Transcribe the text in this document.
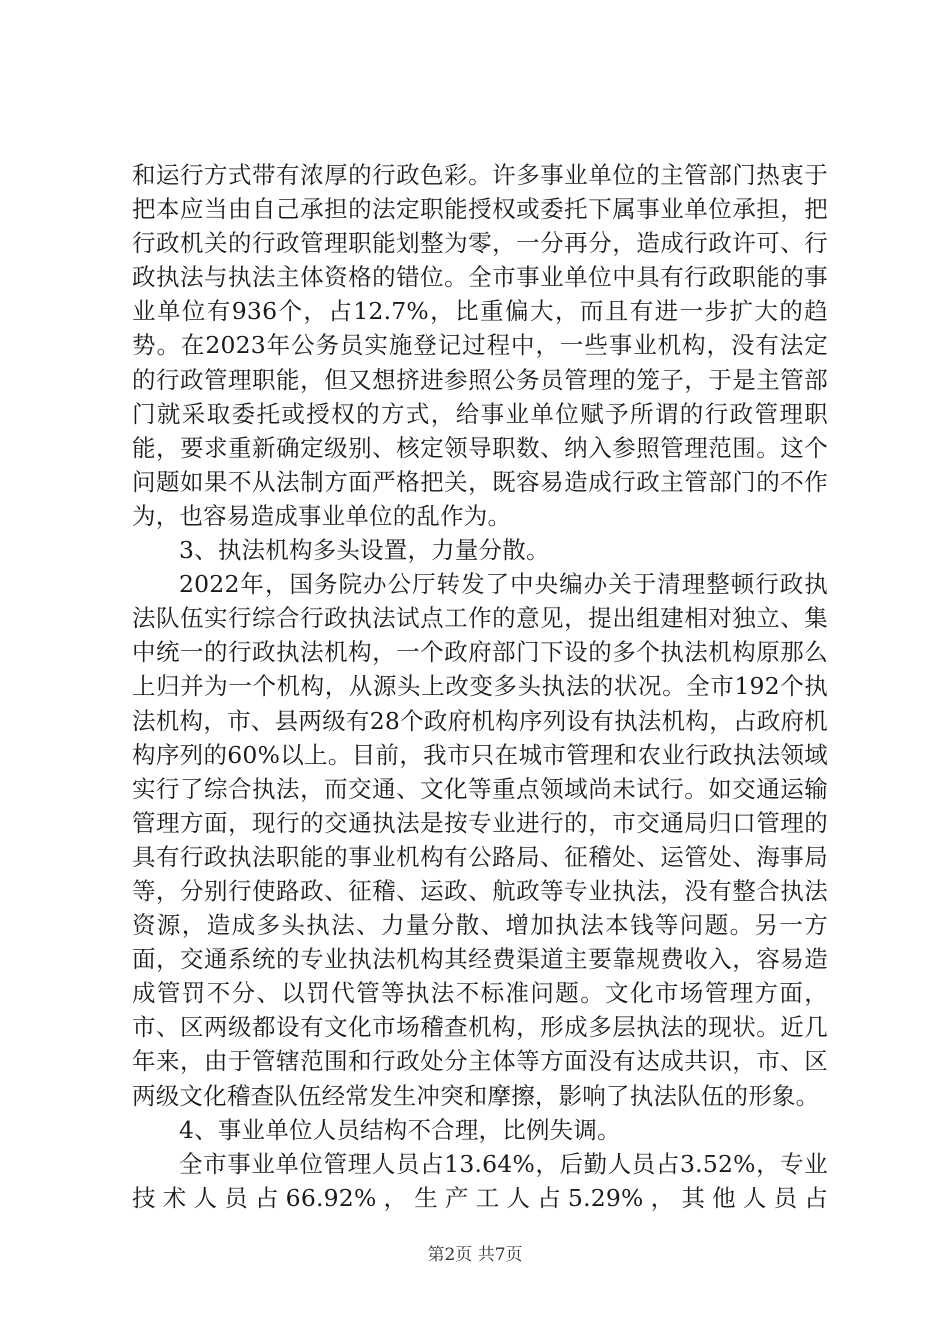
和运行方式带有浓厚的行政色彩。许多事业单位的主管部门热衷于把本应当由自己承担的法定职能授权或委托下属事业单位承担，把行政机关的行政管理职能划整为零，一分再分，造成行政许可、行政执法与执法主体资格的错位。全市事业单位中具有行政职能的事业单位有936个，占12.7%，比重偏大，而且有进一步扩大的趋势。在2023年公务员实施登记过程中，一些事业机构，没有法定的行政管理职能，但又想挤进参照公务员管理的笼子，于是主管部门就采取委托或授权的方式，给事业单位赋予所谓的行政管理职能，要求重新确定级别、核定领导职数、纳入参照管理范围。这个问题如果不从法制方面严格把关，既容易造成行政主管部门的不作为，也容易造成事业单位的乱作为。

3、执法机构多头设置，力量分散。

2022年，国务院办公厅转发了中央编办关于清理整顿行政执法队伍实行综合行政执法试点工作的意见，提出组建相对独立、集中统一的行政执法机构，一个政府部门下设的多个执法机构原那么上归并为一个机构，从源头上改变多头执法的状况。全市192个执法机构，市、县两级有28个政府机构序列设有执法机构，占政府机构序列的60%以上。目前，我市只在城市管理和农业行政执法领域实行了综合执法，而交通、文化等重点领域尚未试行。如交通运输管理方面，现行的交通执法是按专业进行的，市交通局归口管理的具有行政执法职能的事业机构有公路局、征稽处、运管处、海事局等，分别行使路政、征稽、运政、航政等专业执法，没有整合执法资源，造成多头执法、力量分散、增加执法本钱等问题。另一方面，交通系统的专业执法机构其经费渠道主要靠规费收入，容易造成管罚不分、以罚代管等执法不标准问题。文化市场管理方面，市、区两级都设有文化市场稽查机构，形成多层执法的现状。近几年来，由于管辖范围和行政处分主体等方面没有达成共识，市、区两级文化稽查队伍经常发生冲突和摩擦，影响了执法队伍的形象。

4、事业单位人员结构不合理，比例失调。

全市事业单位管理人员占13.64%，后勤人员占3.52%，专业技术人员占66.92%，生产工人占5.29%，其他人员占

第2页 共7页
